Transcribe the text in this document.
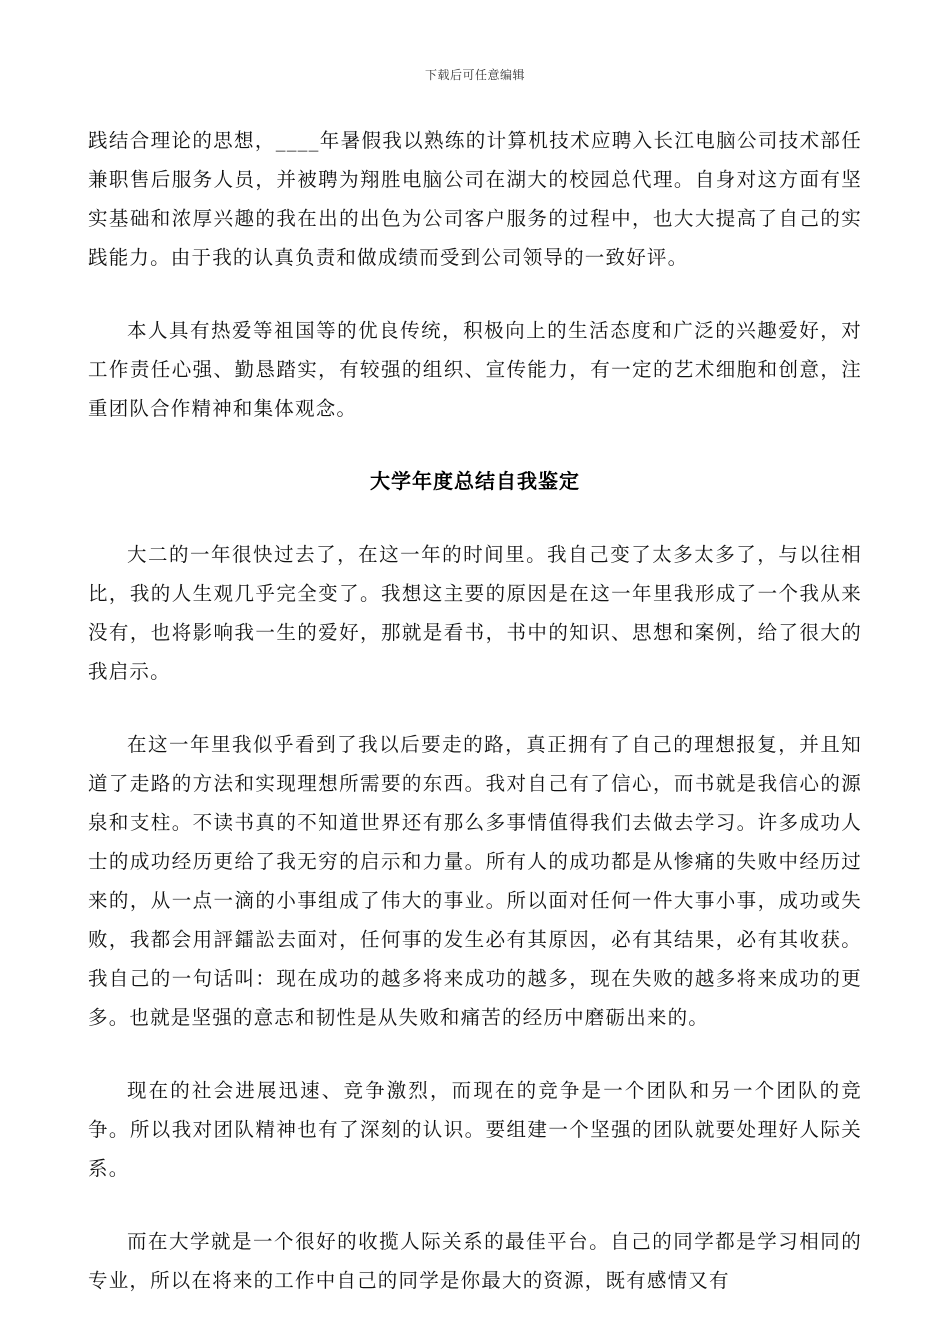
下载后可任意编辑

践结合理论的思想，____年暑假我以熟练的计算机技术应聘入长江电脑公司技术部任兼职售后服务人员，并被聘为翔胜电脑公司在湖大的校园总代理。自身对这方面有坚实基础和浓厚兴趣的我在出的出色为公司客户服务的过程中，也大大提高了自己的实践能力。由于我的认真负责和做成绩而受到公司领导的一致好评。

本人具有热爱等祖国等的优良传统，积极向上的生活态度和广泛的兴趣爱好，对工作责任心强、勤恳踏实，有较强的组织、宣传能力，有一定的艺术细胞和创意，注重团队合作精神和集体观念。

大学年度总结自我鉴定

大二的一年很快过去了，在这一年的时间里。我自己变了太多太多了，与以往相比，我的人生观几乎完全变了。我想这主要的原因是在这一年里我形成了一个我从来没有，也将影响我一生的爱好，那就是看书，书中的知识、思想和案例，给了很大的我启示。

在这一年里我似乎看到了我以后要走的路，真正拥有了自己的理想报复，并且知道了走路的方法和实现理想所需要的东西。我对自己有了信心，而书就是我信心的源泉和支柱。不读书真的不知道世界还有那么多事情值得我们去做去学习。许多成功人士的成功经历更给了我无穷的启示和力量。所有人的成功都是从惨痛的失败中经历过来的，从一点一滴的小事组成了伟大的事业。所以面对任何一件大事小事，成功或失败，我都会用評鐳訟去面对，任何事的发生必有其原因，必有其结果，必有其收获。我自己的一句话叫：现在成功的越多将来成功的越多，现在失败的越多将来成功的更多。也就是坚强的意志和韧性是从失败和痛苦的经历中磨砺出来的。

现在的社会进展迅速、竞争激烈，而现在的竞争是一个团队和另一个团队的竞争。所以我对团队精神也有了深刻的认识。要组建一个坚强的团队就要处理好人际关系。

而在大学就是一个很好的收揽人际关系的最佳平台。自己的同学都是学习相同的专业，所以在将来的工作中自己的同学是你最大的资源，既有感情又有
